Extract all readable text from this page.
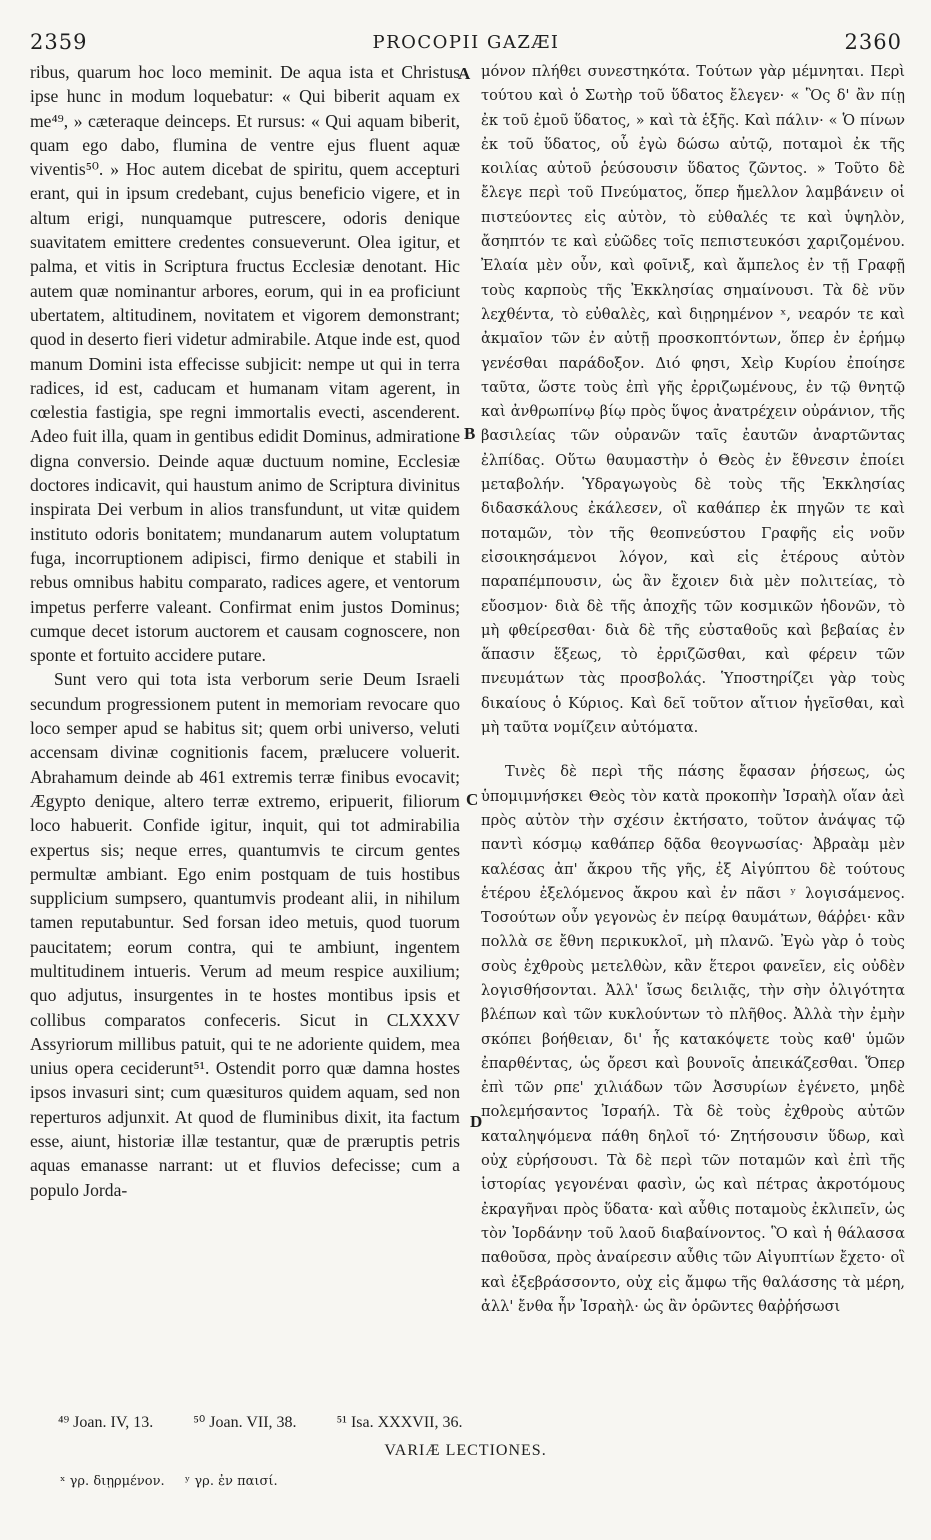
2359	PROCOPII GAZÆI	2360

ribus, quarum hoc loco meminit. De aqua ista et Christus ipse hunc in modum loquebatur: « Qui biberit aquam ex me⁴⁹, » cæteraque deinceps. Et rursus: « Qui aquam biberit, quam ego dabo, flumina de ventre ejus fluent aquæ viventis⁵⁰. » Hoc autem dicebat de spiritu, quem accepturi erant, qui in ipsum credebant, cujus beneficio vigere, et in altum erigi, nunquamque putrescere, odoris denique suavitatem emittere credentes consueverunt. Olea igitur, et palma, et vitis in Scriptura fructus Ecclesiæ denotant. Hic autem quæ nominantur arbores, eorum, qui in ea proficiunt ubertatem, altitudinem, novitatem et vigorem demonstrant; quod in deserto fieri videtur admirabile. Atque inde est, quod manum Domini ista effecisse subjicit: nempe ut qui in terra radices, id est, caducam et humanam vitam agerent, in cœlestia fastigia, spe regni immortalis evecti, ascenderent. Adeo fuit illa, quam in gentibus edidit Dominus, admiratione digna conversio. Deinde aquæ ductuum nomine, Ecclesiæ doctores indicavit, qui haustum animo de Scriptura divinitus inspirata Dei verbum in alios transfundunt, ut vitæ quidem instituto odoris bonitatem; mundanarum autem voluptatum fuga, incorruptionem adipisci, firmo denique et stabili in rebus omnibus habitu comparato, radices agere, et ventorum impetus perferre valeant. Confirmat enim justos Dominus; cumque decet istorum auctorem et causam cognoscere, non sponte et fortuito accidere putare.

Sunt vero qui tota ista verborum serie Deum Israeli secundum progressionem putent in memoriam revocare quo loco semper apud se habitus sit; quem orbi universo, veluti accensam divinæ cognitionis facem, prælucere voluerit. Abrahamum deinde ab 461 extremis terræ finibus evocavit; Ægypto denique, altero terræ extremo, eripuerit, filiorum loco habuerit. Confide igitur, inquit, qui tot admirabilia expertus sis; neque erres, quantumvis te circum gentes permultæ ambiant. Ego enim postquam de tuis hostibus supplicium sumpsero, quantumvis prodeant alii, in nihilum tamen reputabuntur. Sed forsan ideo metuis, quod tuorum paucitatem; eorum contra, qui te ambiunt, ingentem multitudinem intueris. Verum ad meum respice auxilium; quo adjutus, insurgentes in te hostes montibus ipsis et collibus comparatos confeceris. Sicut in CLXXXV Assyriorum millibus patuit, qui te ne adoriente quidem, mea unius opera ceciderunt⁵¹. Ostendit porro quæ damna hostes ipsos invasuri sint; cum quæsituros quidem aquam, sed non reperturos adjunxit. At quod de fluminibus dixit, ita factum esse, aiunt, historiæ illæ testantur, quæ de præruptis petris aquas emanasse narrant: ut et fluvios defecisse; cum a populo Jorda-

A
B
C
D

μόνον πλήθει συνεστηκότα. Τούτων γὰρ μέμνηται. Περὶ τούτου καὶ ὁ Σωτὴρ τοῦ ὕδατος ἔλεγεν· « Ὃς δ' ἂν πίῃ ἐκ τοῦ ἐμοῦ ὕδατος, » καὶ τὰ ἑξῆς. Καὶ πάλιν· « Ὁ πίνων ἐκ τοῦ ὕδατος, οὗ ἐγὼ δώσω αὐτῷ, ποταμοὶ ἐκ τῆς κοιλίας αὐτοῦ ῥεύσουσιν ὕδατος ζῶντος. » Τοῦτο δὲ ἔλεγε περὶ τοῦ Πνεύματος, ὅπερ ἤμελλον λαμβάνειν οἱ πιστεύοντες εἰς αὐτὸν, τὸ εὐθαλές τε καὶ ὑψηλὸν, ἄσηπτόν τε καὶ εὐῶδες τοῖς πεπιστευκόσι χαριζομένου. Ἐλαία μὲν οὖν, καὶ φοῖνιξ, καὶ ἄμπελος ἐν τῇ Γραφῇ τοὺς καρποὺς τῆς Ἐκκλησίας σημαίνουσι. Τὰ δὲ νῦν λεχθέντα, τὸ εὐθαλὲς, καὶ διῃρημένον ˣ, νεαρόν τε καὶ ἀκμαῖον τῶν ἐν αὐτῇ προσκοπτόντων, ὅπερ ἐν ἐρήμῳ γενέσθαι παράδοξον. Διό φησι, Χεὶρ Κυρίου ἐποίησε ταῦτα, ὥστε τοὺς ἐπὶ γῆς ἐρριζωμένους, ἐν τῷ θνητῷ καὶ ἀνθρωπίνῳ βίῳ πρὸς ὕψος ἀνατρέχειν οὐράνιον, τῆς βασιλείας τῶν οὐρανῶν ταῖς ἐαυτῶν ἀναρτῶντας ἐλπίδας. Οὕτω θαυμαστὴν ὁ Θεὸς ἐν ἔθνεσιν ἐποίει μεταβολήν. Ὑδραγωγοὺς δὲ τοὺς τῆς Ἐκκλησίας διδασκάλους ἐκάλεσεν, οἳ καθάπερ ἐκ πηγῶν τε καὶ ποταμῶν, τὸν τῆς θεοπνεύστου Γραφῆς εἰς νοῦν εἰσοικησάμενοι λόγον, καὶ εἰς ἑτέρους αὐτὸν παραπέμπουσιν, ὡς ἂν ἔχοιεν διὰ μὲν πολιτείας, τὸ εὔοσμον· διὰ δὲ τῆς ἀποχῆς τῶν κοσμικῶν ἡδονῶν, τὸ μὴ φθείρεσθαι· διὰ δὲ τῆς εὐσταθοῦς καὶ βεβαίας ἐν ἅπασιν ἕξεως, τὸ ἐρριζῶσθαι, καὶ φέρειν τῶν πνευμάτων τὰς προσβολάς. Ὑποστηρίζει γὰρ τοὺς δικαίους ὁ Κύριος. Καὶ δεῖ τοῦτον αἴτιον ἡγεῖσθαι, καὶ μὴ ταῦτα νομίζειν αὐτόματα.

Τινὲς δὲ περὶ τῆς πάσης ἔφασαν ῥήσεως, ὡς ὑπομιμνήσκει Θεὸς τὸν κατὰ προκοπὴν Ἰσραὴλ οἵαν ἀεὶ πρὸς αὐτὸν τὴν σχέσιν ἐκτήσατο, τοῦτον ἀνάψας τῷ παντὶ κόσμῳ καθάπερ δᾷδα θεογνωσίας· Ἀβραὰμ μὲν καλέσας ἀπ' ἄκρου τῆς γῆς, ἐξ Αἰγύπτου δὲ τούτους ἑτέρου ἐξελόμενος ἄκρου καὶ ἐν πᾶσι ʸ λογισάμενος. Τοσούτων οὖν γεγονὼς ἐν πείρᾳ θαυμάτων, θάῤῥει· κἂν πολλὰ σε ἔθνη περικυκλοῖ, μὴ πλανῶ. Ἐγὼ γὰρ ὁ τοὺς σοὺς ἐχθροὺς μετελθὼν, κἂν ἕτεροι φανεῖεν, εἰς οὐδὲν λογισθήσονται. Ἀλλ' ἴσως δειλιᾷς, τὴν σὴν ὀλιγότητα βλέπων καὶ τῶν κυκλούντων τὸ πλῆθος. Ἀλλὰ τὴν ἐμὴν σκόπει βοήθειαν, δι' ἧς κατακόψετε τοὺς καθ' ὑμῶν ἐπαρθέντας, ὡς ὄρεσι καὶ βουνοῖς ἀπεικάζεσθαι. Ὅπερ ἐπὶ τῶν ρπε' χιλιάδων τῶν Ἀσσυρίων ἐγένετο, μηδὲ πολεμήσαντος Ἰσραήλ. Τὰ δὲ τοὺς ἐχθροὺς αὐτῶν καταληψόμενα πάθη δηλοῖ τό· Ζητήσουσιν ὕδωρ, καὶ οὐχ εὑρήσουσι. Τὰ δὲ περὶ τῶν ποταμῶν καὶ ἐπὶ τῆς ἱστορίας γεγονέναι φασὶν, ὡς καὶ πέτρας ἀκροτόμους ἐκραγῆναι πρὸς ὕδατα· καὶ αὖθις ποταμοὺς ἐκλιπεῖν, ὡς τὸν Ἰορδάνην τοῦ λαοῦ διαβαίνοντος. Ὃ καὶ ἡ θάλασσα παθοῦσα, πρὸς ἀναίρεσιν αὖθις τῶν Αἰγυπτίων ἔχετο· οἳ καὶ ἐξεβράσσοντο, οὐχ εἰς ἄμφω τῆς θαλάσσης τὰ μέρη, ἀλλ' ἔνθα ἦν Ἰσραὴλ· ὡς ἂν ὁρῶντες θαῤῥήσωσι

⁴⁹ Joan. IV, 13.	⁵⁰ Joan. VII, 38.	⁵¹ Isa. XXXVII, 36.
VARIÆ LECTIONES.
ˣ γρ. διῃρμένον. ʸ γρ. ἐν παισί.
